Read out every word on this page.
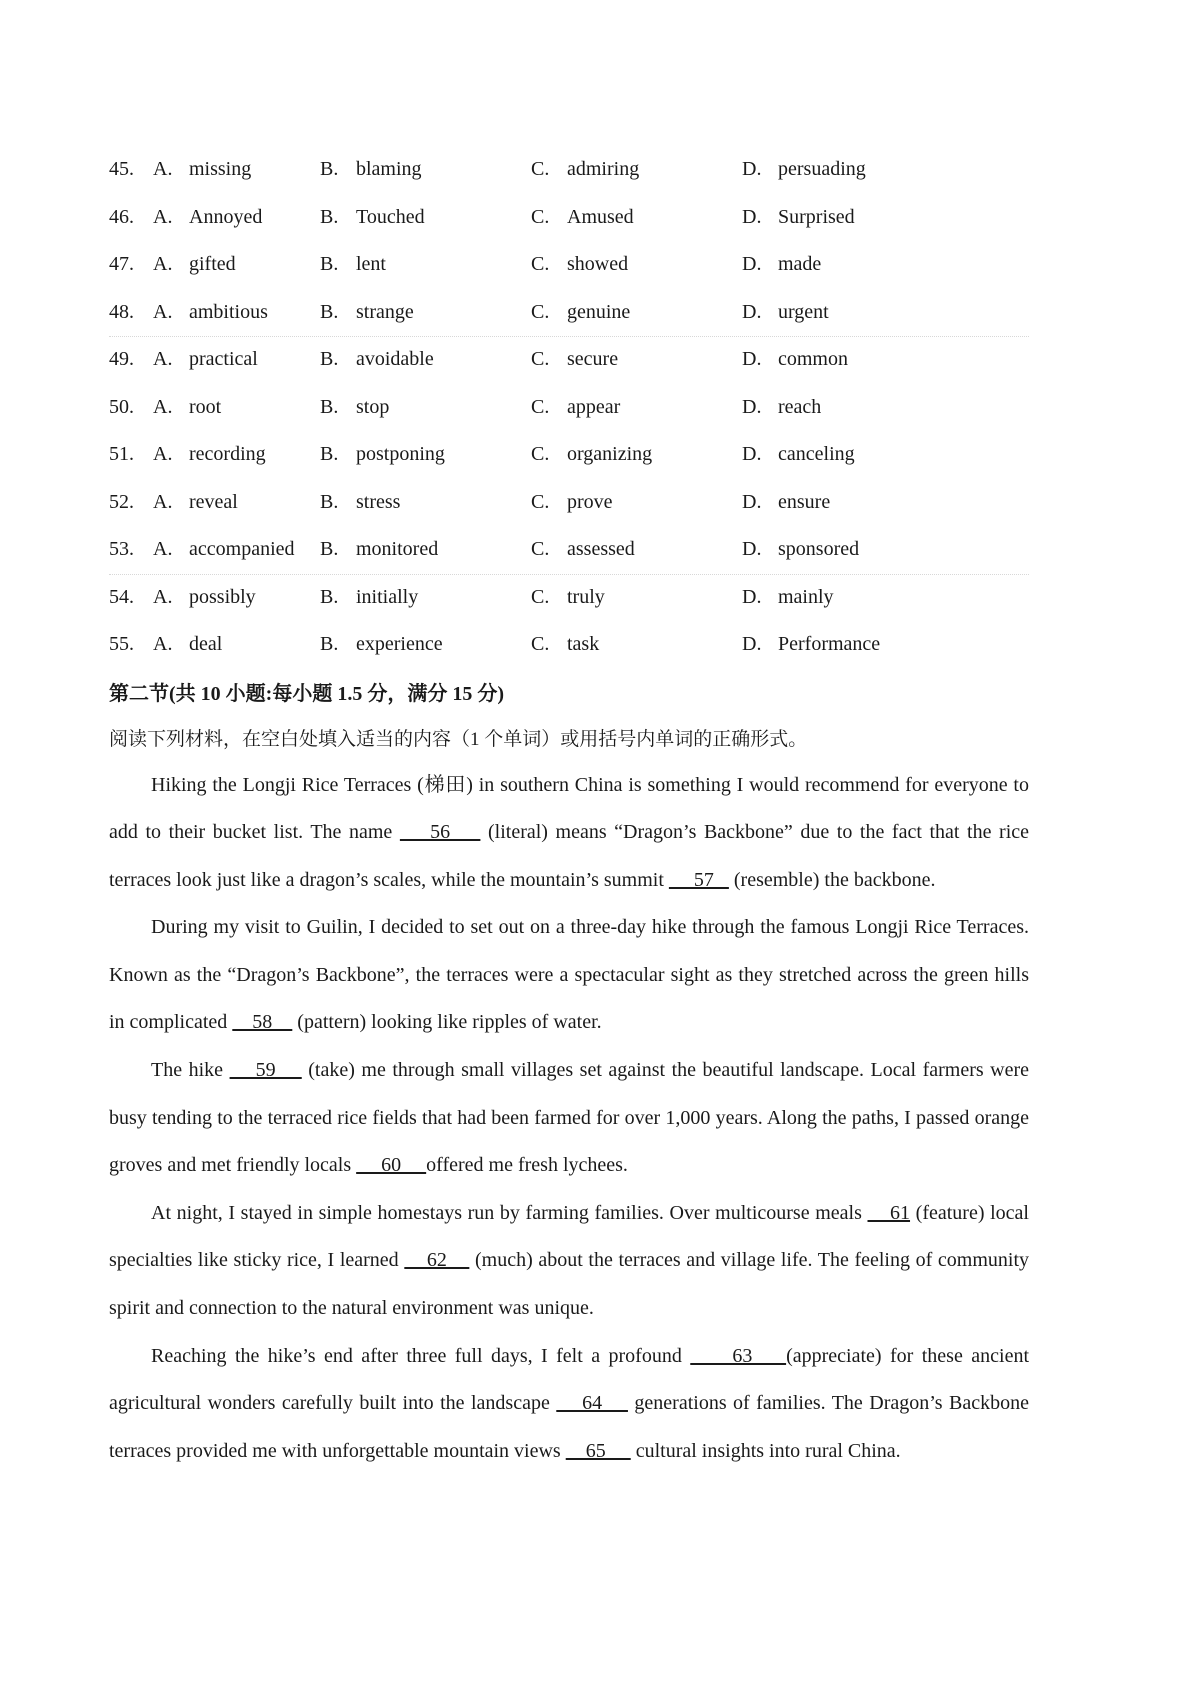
45. A. missing	B. blaming	C. admiring	D. persuading
46. A. Annoyed	B. Touched	C. Amused	D. Surprised
47. A. gifted	B. lent	C. showed	D. made
48. A. ambitious	B. strange	C. genuine	D. urgent
49. A. practical	B. avoidable	C. secure	D. common
50. A. root	B. stop	C. appear	D. reach
51. A. recording	B. postponing	C. organizing	D. canceling
52. A. reveal	B. stress	C. prove	D. ensure
53. A. accompanied B. monitored	C. assessed	D. sponsored
54. A. possibly	B. initially	C. truly	D. mainly
55. A. deal	B. experience	C. task	D. Performance
第二节(共 10 小题:每小题 1.5 分，满分 15 分)
阅读下列材料，在空白处填入适当的内容（1 个单词）或用括号内单词的正确形式。

Hiking the Longji Rice Terraces (梯田) in southern China is something I would recommend for everyone to add to their bucket list. The name     56     (literal) means “Dragon’s Backbone” due to the fact that the rice terraces look just like a dragon’s scales, while the mountain’s summit      57    (resemble) the backbone.

During my visit to Guilin, I decided to set out on a three-day hike through the famous Longji Rice Terraces. Known as the “Dragon’s Backbone”, the terraces were a spectacular sight as they stretched across the green hills in complicated     58     (pattern) looking like ripples of water.

The hike     59     (take) me through small villages set against the beautiful landscape. Local farmers were busy tending to the terraced rice fields that had been farmed for over 1,000 years. Along the paths, I passed orange groves and met friendly locals      60     offered me fresh lychees.

At night, I stayed in simple homestays run by farming families. Over multicourse meals     61 (feature) local specialties like sticky rice, I learned     62     (much) about the terraces and village life. The feeling of community spirit and connection to the natural environment was unique.

Reaching the hike’s end after three full days, I felt a profound      63    (appreciate) for these ancient agricultural wonders carefully built into the landscape     64     generations of families. The Dragon’s Backbone terraces provided me with unforgettable mountain views     65      cultural insights into rural China.
